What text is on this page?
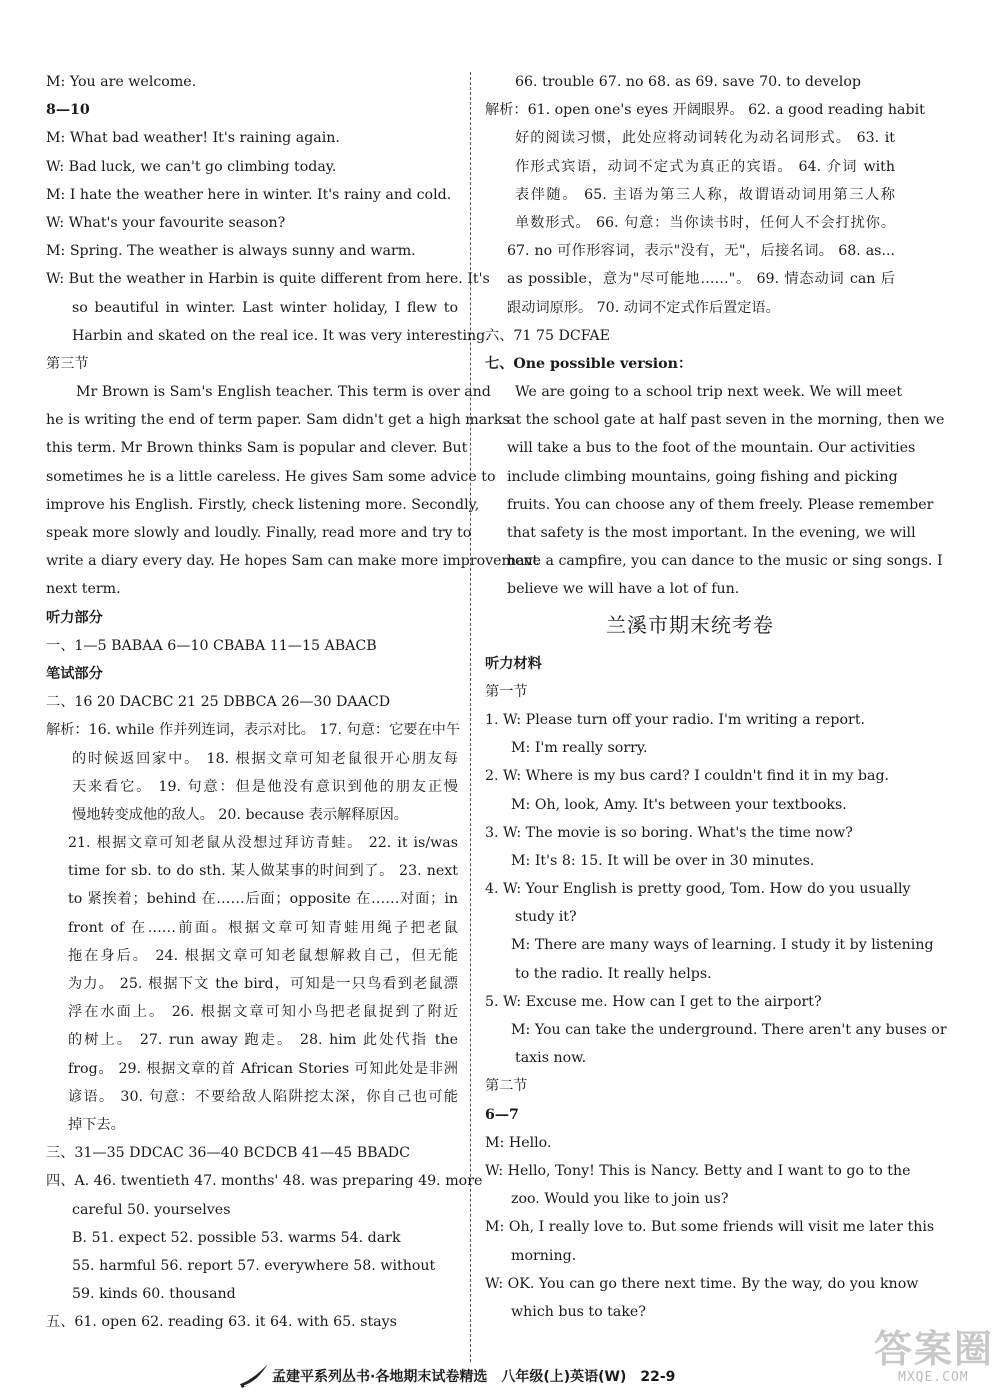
M: You are welcome.
8—10
M: What bad weather! It's raining again.
W: Bad luck, we can't go climbing today.
M: I hate the weather here in winter. It's rainy and cold.
W: What's your favourite season?
M: Spring. The weather is always sunny and warm.
W: But the weather in Harbin is quite different from here. It's
so beautiful in winter. Last winter holiday, I flew to
Harbin and skated on the real ice. It was very interesting.
第三节
Mr Brown is Sam's English teacher. This term is over and
he is writing the end of term paper. Sam didn't get a high marks
this term. Mr Brown thinks Sam is popular and clever. But
sometimes he is a little careless. He gives Sam some advice to
improve his English. Firstly, check listening more. Secondly,
speak more slowly and loudly. Finally, read more and try to
write a diary every day. He hopes Sam can make more improvement
next term.
听力部分
一、1—5 BABAA 6—10 CBABA 11—15 ABACB
笔试部分
二、16 20 DACBC 21 25 DBBCA 26—30 DAACD
解析：16. while 作并列连词，表示对比。 17. 句意：它要在中午
的时候返回家中。 18. 根据文章可知老鼠很开心朋友每
天来看它。 19. 句意：但是他没有意识到他的朋友正慢
慢地转变成他的敌人。 20. because 表示解释原因。
21. 根据文章可知老鼠从没想过拜访青蛙。 22. it is/was
time for sb. to do sth. 某人做某事的时间到了。 23. next
to 紧挨着；behind 在……后面；opposite 在……对面；in
front of 在……前面。根据文章可知青蛙用绳子把老鼠
拖在身后。 24. 根据文章可知老鼠想解救自己，但无能
为力。 25. 根据下文 the bird，可知是一只鸟看到老鼠漂
浮在水面上。 26. 根据文章可知小鸟把老鼠捉到了附近
的树上。 27. run away 跑走。 28. him 此处代指 the
frog。 29. 根据文章的首 African Stories 可知此处是非洲
谚语。 30. 句意：不要给敌人陷阱挖太深，你自己也可能
掉下去。
三、31—35 DDCAC 36—40 BCDCB 41—45 BBADC
四、A. 46. twentieth 47. months' 48. was preparing 49. more
careful 50. yourselves
B. 51. expect 52. possible 53. warms 54. dark
55. harmful 56. report 57. everywhere 58. without
59. kinds 60. thousand
五、61. open 62. reading 63. it 64. with 65. stays
66. trouble 67. no 68. as 69. save 70. to develop
解析：61. open one's eyes 开阔眼界。 62. a good reading habit
好的阅读习惯，此处应将动词转化为动名词形式。 63. it
作形式宾语，动词不定式为真正的宾语。 64. 介词 with
表伴随。 65. 主语为第三人称，故谓语动词用第三人称
单数形式。 66. 句意：当你读书时，任何人不会打扰你。
67. no 可作形容词，表示"没有，无"，后接名词。 68. as...
as possible，意为"尽可能地……"。 69. 情态动词 can 后
跟动词原形。 70. 动词不定式作后置定语。
六、71 75 DCFAE
七、One possible version：
We are going to a school trip next week. We will meet
at the school gate at half past seven in the morning, then we
will take a bus to the foot of the mountain. Our activities
include climbing mountains, going fishing and picking
fruits. You can choose any of them freely. Please remember
that safety is the most important. In the evening, we will
have a campfire, you can dance to the music or sing songs. I
believe we will have a lot of fun.
兰溪市期末统考卷
听力材料
第一节
1. W: Please turn off your radio. I'm writing a report.
M: I'm really sorry.
2. W: Where is my bus card? I couldn't find it in my bag.
M: Oh, look, Amy. It's between your textbooks.
3. W: The movie is so boring. What's the time now?
M: It's 8: 15. It will be over in 30 minutes.
4. W: Your English is pretty good, Tom. How do you usually
study it?
M: There are many ways of learning. I study it by listening
to the radio. It really helps.
5. W: Excuse me. How can I get to the airport?
M: You can take the underground. There aren't any buses or
taxis now.
第二节
6—7
M: Hello.
W: Hello, Tony! This is Nancy. Betty and I want to go to the
zoo. Would you like to join us?
M: Oh, I really love to. But some friends will visit me later this
morning.
W: OK. You can go there next time. By the way, do you know
which bus to take?
孟建平系列丛书·各地期末试卷精选　八年级(上)英语(W)　22-9
答案圈
MXQE.COM
